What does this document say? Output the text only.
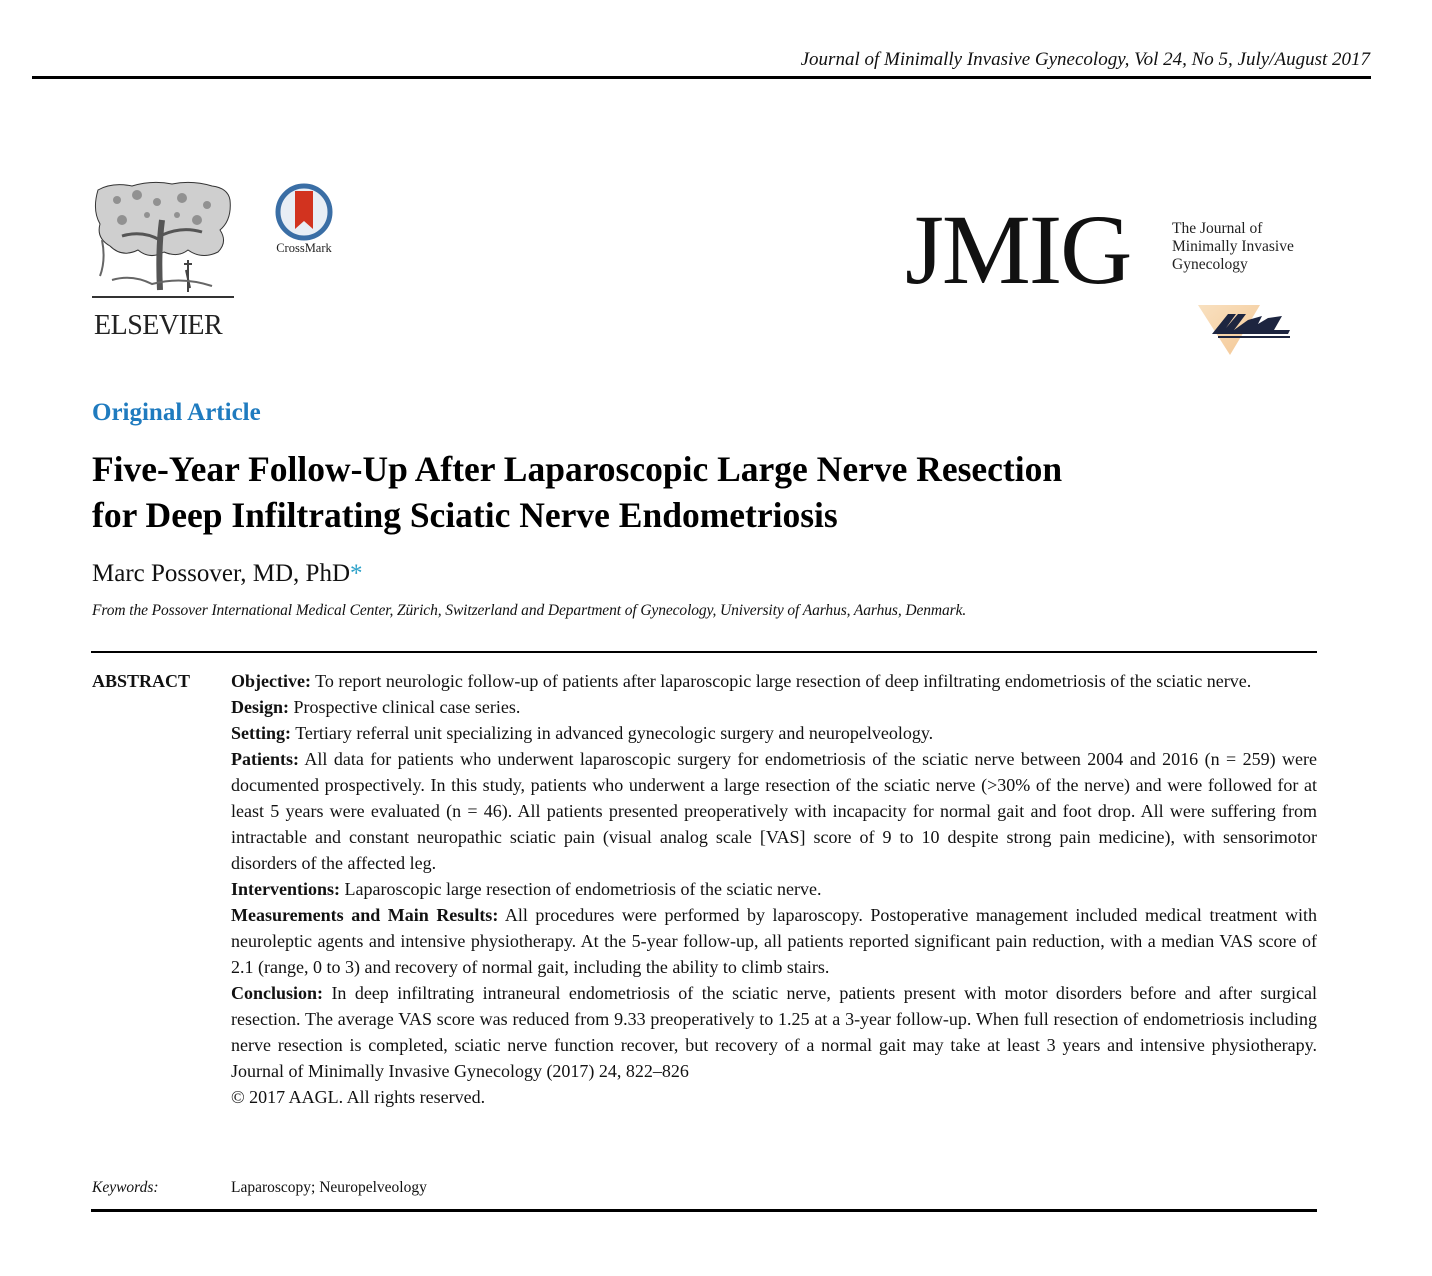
Journal of Minimally Invasive Gynecology, Vol 24, No 5, July/August 2017
ELSEVIER
CrossMark	JMIG	The Journal of
Minimally Invasive
Gynecology
Original Article
Five-Year Follow-Up After Laparoscopic Large Nerve Resection
for Deep Infiltrating Sciatic Nerve Endometriosis
Marc Possover, MD, PhD*
From the Possover International Medical Center, Zürich, Switzerland and Department of Gynecology, University of Aarhus, Aarhus, Denmark.
ABSTRACT Objective: To report neurologic follow-up of patients after laparoscopic large resection of deep infiltrating endometriosis of the sciatic nerve.

Design: Prospective clinical case series.

Setting: Tertiary referral unit specializing in advanced gynecologic surgery and neuropelveology.

Patients: All data for patients who underwent laparoscopic surgery for endometriosis of the sciatic nerve between 2004 and 2016 (n = 259) were documented prospectively. In this study, patients who underwent a large resection of the sciatic nerve (>30% of the nerve) and were followed for at least 5 years were evaluated (n = 46). All patients presented preoperatively with incapacity for normal gait and foot drop. All were suffering from intractable and constant neuropathic sciatic pain (visual analog scale [VAS] score of 9 to 10 despite strong pain medicine), with sensorimotor disorders of the affected leg.

Interventions: Laparoscopic large resection of endometriosis of the sciatic nerve.

Measurements and Main Results: All procedures were performed by laparoscopy. Postoperative management included medical treatment with neuroleptic agents and intensive physiotherapy. At the 5-year follow-up, all patients reported significant pain reduction, with a median VAS score of 2.1 (range, 0 to 3) and recovery of normal gait, including the ability to climb stairs.

Conclusion: In deep infiltrating intraneural endometriosis of the sciatic nerve, patients present with motor disorders before and after surgical resection. The average VAS score was reduced from 9.33 preoperatively to 1.25 at a 3-year follow-up. When full resection of endometriosis including nerve resection is completed, sciatic nerve function recover, but recovery of a normal gait may take at least 3 years and intensive physiotherapy. Journal of Minimally Invasive Gynecology (2017) 24, 822–826

© 2017 AAGL. All rights reserved.

Keywords:	Laparoscopy; Neuropelveology
